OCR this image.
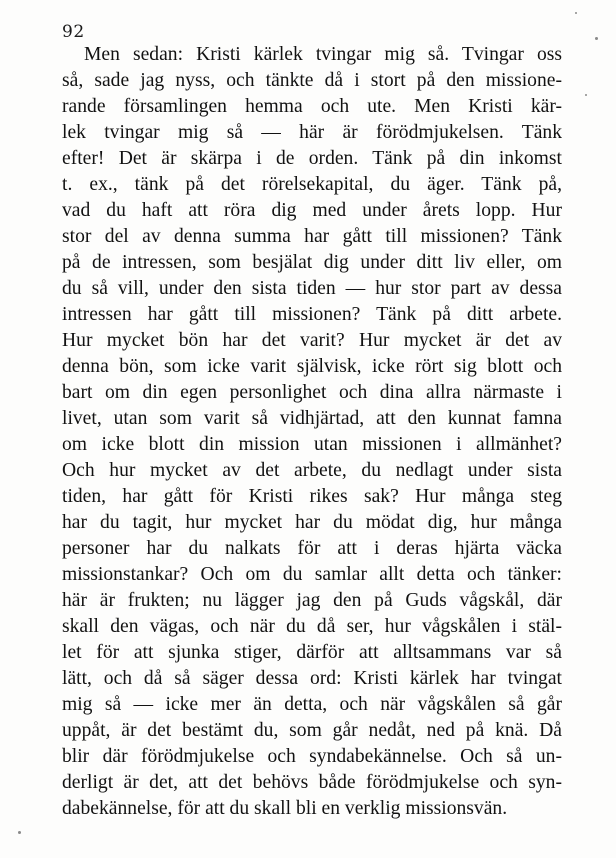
92
Men sedan: Kristi kärlek tvingar mig så. Tvingar oss
så, sade jag nyss, och tänkte då i stort på den missione-
rande församlingen hemma och ute. Men Kristi kär-
lek tvingar mig så — här är förödmjukelsen. Tänk
efter! Det är skärpa i de orden. Tänk på din inkomst
t. ex., tänk på det rörelsekapital, du äger. Tänk på,
vad du haft att röra dig med under årets lopp. Hur
stor del av denna summa har gått till missionen? Tänk
på de intressen, som besjälat dig under ditt liv eller, om
du så vill, under den sista tiden — hur stor part av dessa
intressen har gått till missionen? Tänk på ditt arbete.
Hur mycket bön har det varit? Hur mycket är det av
denna bön, som icke varit självisk, icke rört sig blott och
bart om din egen personlighet och dina allra närmaste i
livet, utan som varit så vidhjärtad, att den kunnat famna
om icke blott din mission utan missionen i allmänhet?
Och hur mycket av det arbete, du nedlagt under sista
tiden, har gått för Kristi rikes sak? Hur många steg
har du tagit, hur mycket har du mödat dig, hur många
personer har du nalkats för att i deras hjärta väcka
missionstankar? Och om du samlar allt detta och tänker:
här är frukten; nu lägger jag den på Guds vågskål, där
skall den vägas, och när du då ser, hur vågskålen i stäl-
let för att sjunka stiger, därför att alltsammans var så
lätt, och då så säger dessa ord: Kristi kärlek har tvingat
mig så — icke mer än detta, och när vågskålen så går
uppåt, är det bestämt du, som går nedåt, ned på knä. Då
blir där förödmjukelse och syndabekännelse. Och så un-
derligt är det, att det behövs både förödmjukelse och syn-
dabekännelse, för att du skall bli en verklig missionsvän.
